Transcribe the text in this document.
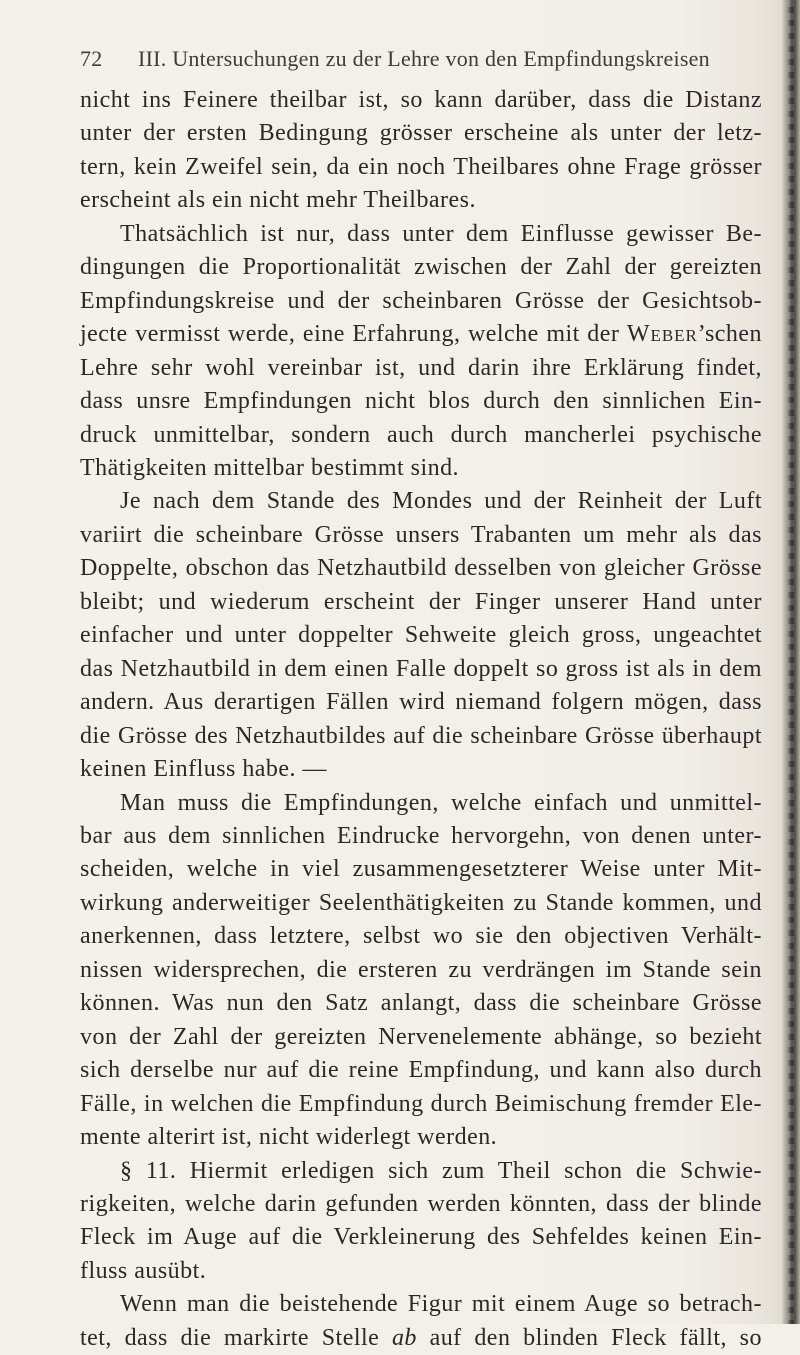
72 III. Untersuchungen zu der Lehre von den Empfindungskreisen
nicht ins Feinere theilbar ist, so kann darüber, dass die Distanz
unter der ersten Bedingung grösser erscheine als unter der letz-
tern, kein Zweifel sein, da ein noch Theilbares ohne Frage grösser
erscheint als ein nicht mehr Theilbares.
Thatsächlich ist nur, dass unter dem Einflusse gewisser Be-
dingungen die Proportionalität zwischen der Zahl der gereizten
Empfindungskreise und der scheinbaren Grösse der Gesichtsob-
jecte vermisst werde, eine Erfahrung, welche mit der Weber’schen
Lehre sehr wohl vereinbar ist, und darin ihre Erklärung findet,
dass unsre Empfindungen nicht blos durch den sinnlichen Ein-
druck unmittelbar, sondern auch durch mancherlei psychische
Thätigkeiten mittelbar bestimmt sind.
Je nach dem Stande des Mondes und der Reinheit der Luft
variirt die scheinbare Grösse unsers Trabanten um mehr als das
Doppelte, obschon das Netzhautbild desselben von gleicher Grösse
bleibt; und wiederum erscheint der Finger unserer Hand unter
einfacher und unter doppelter Sehweite gleich gross, ungeachtet
das Netzhautbild in dem einen Falle doppelt so gross ist als in dem
andern. Aus derartigen Fällen wird niemand folgern mögen, dass
die Grösse des Netzhautbildes auf die scheinbare Grösse überhaupt
keinen Einfluss habe. —
Man muss die Empfindungen, welche einfach und unmittel-
bar aus dem sinnlichen Eindrucke hervorgehn, von denen unter-
scheiden, welche in viel zusammengesetzterer Weise unter Mit-
wirkung anderweitiger Seelenthätigkeiten zu Stande kommen, und
anerkennen, dass letztere, selbst wo sie den objectiven Verhält-
nissen widersprechen, die ersteren zu verdrängen im Stande sein
können. Was nun den Satz anlangt, dass die scheinbare Grösse
von der Zahl der gereizten Nervenelemente abhänge, so bezieht
sich derselbe nur auf die reine Empfindung, und kann also durch
Fälle, in welchen die Empfindung durch Beimischung fremder Ele-
mente alterirt ist, nicht widerlegt werden.
§ 11. Hiermit erledigen sich zum Theil schon die Schwie-
rigkeiten, welche darin gefunden werden könnten, dass der blinde
Fleck im Auge auf die Verkleinerung des Sehfeldes keinen Ein-
fluss ausübt.
Wenn man die beistehende Figur mit einem Auge so betrach-
tet, dass die markirte Stelle ab auf den blinden Fleck fällt, so
